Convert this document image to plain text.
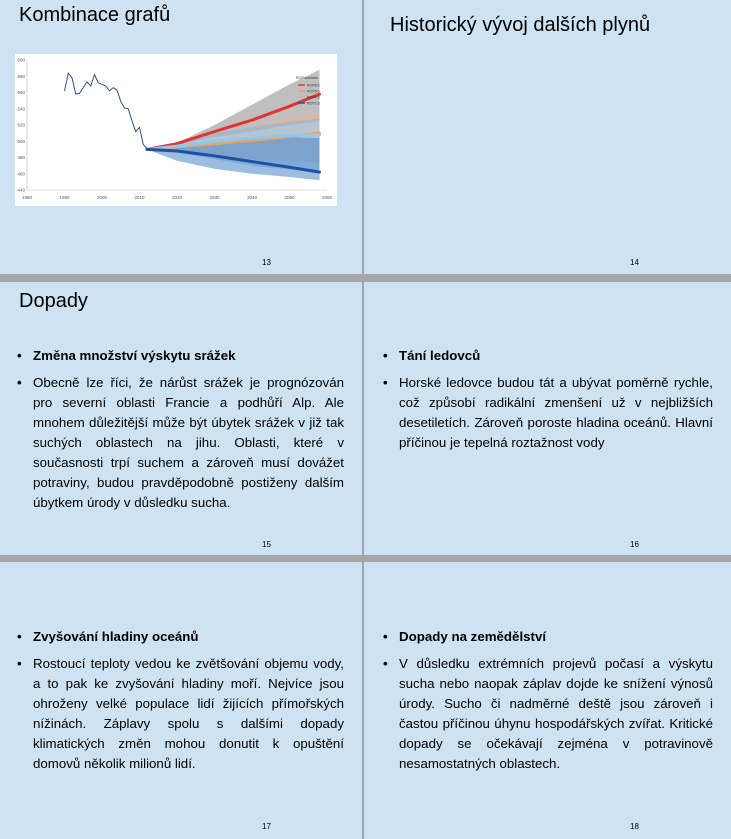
Kombinace grafů
1980	1990	2000	2010	2020	2030	2040	2050	2060
600
580
560
540
520
500
480
460
440
RCP scenario
RCP8.5
RCP6.0
RCP4.5
RCP2.6
13
Historický vývoj dalších plynů
14
Dopady
• Změna množství výskytu srážek

• Obecně lze říci, že nárůst srážek je prognózován pro severní oblasti Francie a podhůří Alp. Ale mnohem důležitější může být úbytek srážek v již tak suchých oblastech na jihu. Oblasti, které v současnosti trpí suchem a zároveň musí dovážet potraviny, budou pravděpodobně postiženy dalším úbytkem úrody v důsledku sucha.

15
• Tání ledovců

• Horské ledovce budou tát a ubývat poměrně rychle, což způsobí radikální zmenšení už v nejbližších desetiletích. Zároveň poroste hladina oceánů. Hlavní příčinou je tepelná roztažnost vody

16
• Zvyšování hladiny oceánů

• Rostoucí teploty vedou ke zvětšování objemu vody, a to pak ke zvyšování hladiny moří. Nejvíce jsou ohroženy velké populace lidí žijících přímořských nížinách. Záplavy spolu s dalšími dopady klimatických změn mohou donutit k opuštění domovů několik milionů lidí.

17
• Dopady na zemědělství

• V důsledku extrémních projevů počasí a výskytu sucha nebo naopak záplav dojde ke snížení výnosů úrody. Sucho či nadměrné deště jsou zároveň i častou příčinou úhynu hospodářských zvířat. Kritické dopady se očekávají zejména v potravinově nesamostatných oblastech.

18
